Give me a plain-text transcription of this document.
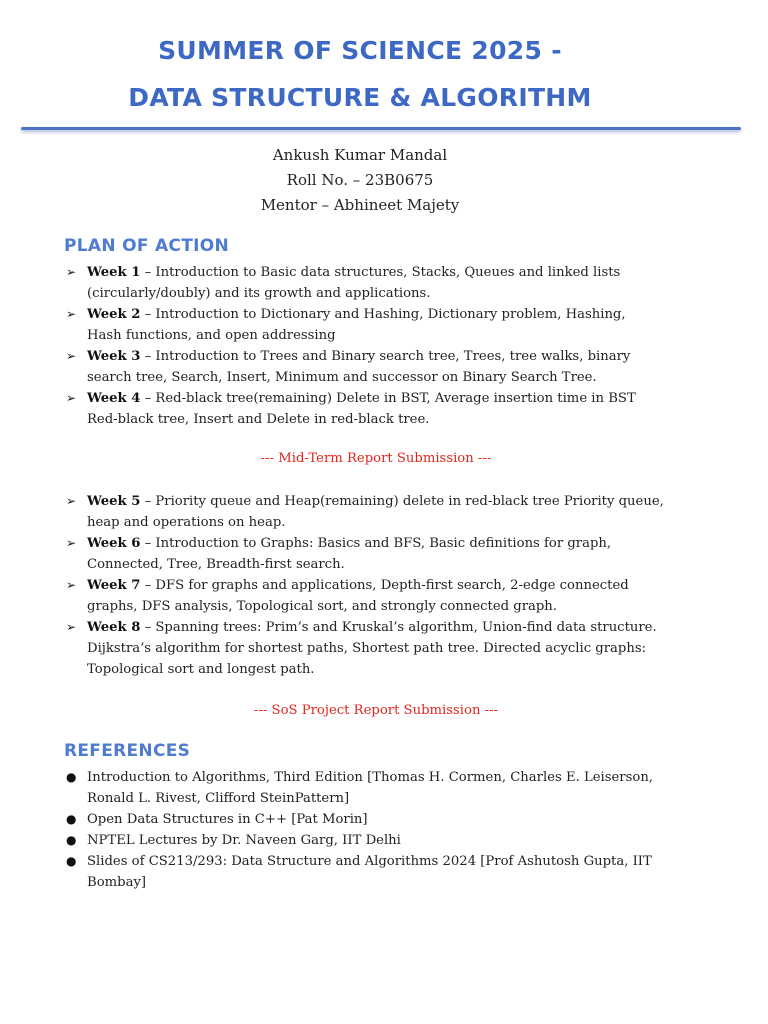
SUMMER OF SCIENCE 2025 -
DATA STRUCTURE & ALGORITHM
Ankush Kumar Mandal
Roll No. – 23B0675
Mentor – Abhineet Majety
PLAN OF ACTION
➢ Week 1 – Introduction to Basic data structures, Stacks, Queues and linked lists (circularly/doubly) and its growth and applications.
➢ Week 2 – Introduction to Dictionary and Hashing, Dictionary problem, Hashing, Hash functions, and open addressing
➢ Week 3 – Introduction to Trees and Binary search tree, Trees, tree walks, binary search tree, Search, Insert, Minimum and successor on Binary Search Tree.
➢ Week 4 – Red-black tree(remaining) Delete in BST, Average insertion time in BST Red-black tree, Insert and Delete in red-black tree.
--- Mid-Term Report Submission ---
➢ Week 5 – Priority queue and Heap(remaining) delete in red-black tree Priority queue, heap and operations on heap.
➢ Week 6 – Introduction to Graphs: Basics and BFS, Basic definitions for graph, Connected, Tree, Breadth-first search.
➢ Week 7 – DFS for graphs and applications, Depth-first search, 2-edge connected graphs, DFS analysis, Topological sort, and strongly connected graph.
➢ Week 8 – Spanning trees: Prim’s and Kruskal’s algorithm, Union-find data structure. Dijkstra’s algorithm for shortest paths, Shortest path tree. Directed acyclic graphs: Topological sort and longest path.
--- SoS Project Report Submission ---
REFERENCES
● Introduction to Algorithms, Third Edition [Thomas H. Cormen, Charles E. Leiserson, Ronald L. Rivest, Clifford SteinPattern]
● Open Data Structures in C++ [Pat Morin]
● NPTEL Lectures by Dr. Naveen Garg, IIT Delhi
● Slides of CS213/293: Data Structure and Algorithms 2024 [Prof Ashutosh Gupta, IIT Bombay]
